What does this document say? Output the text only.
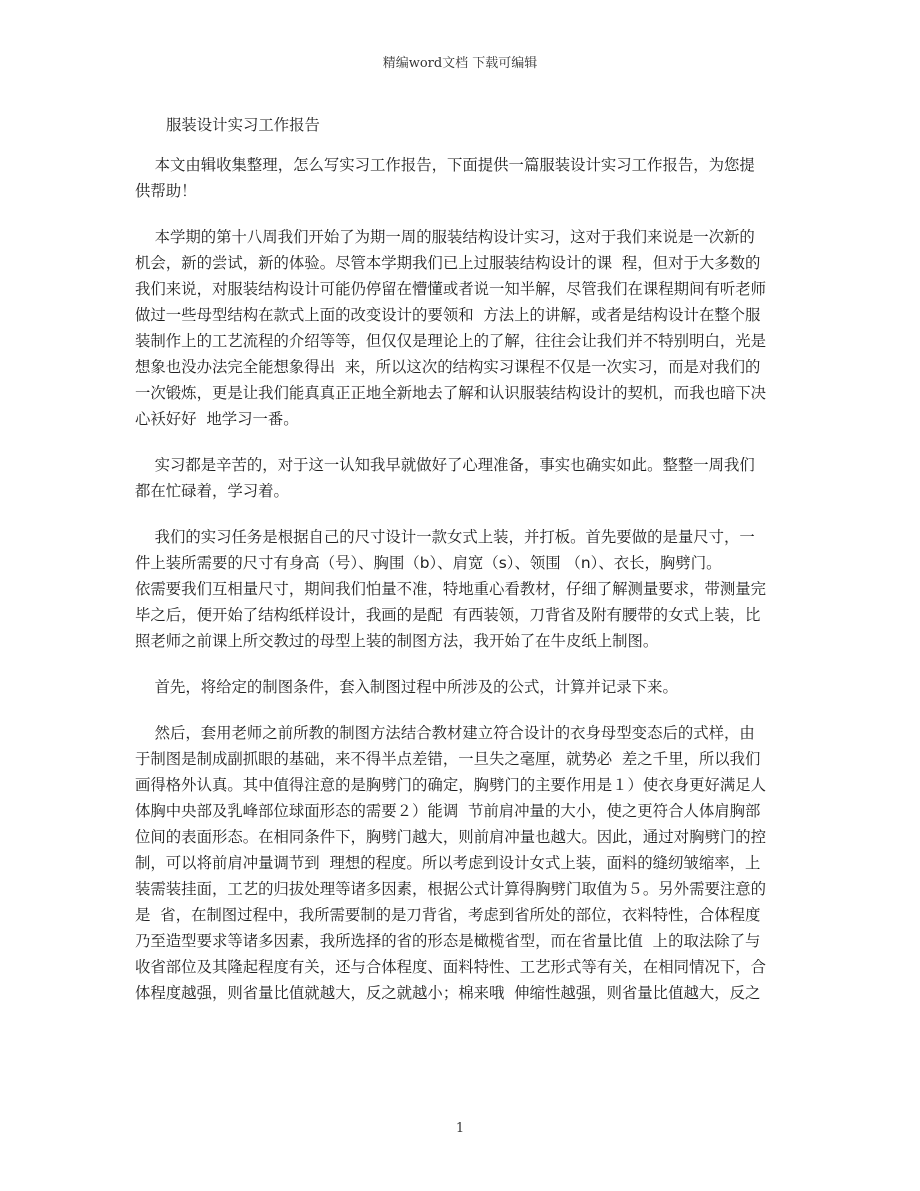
精编word文档 下载可编辑
服装设计实习工作报告
本文由辑收集整理，怎么写实习工作报告，下面提供一篇服装设计实习工作报告，为您提
供帮助！
本学期的第十八周我们开始了为期一周的服装结构设计实习，这对于我们来说是一次新的
机会，新的尝试，新的体验。尽管本学期我们已上过服装结构设计的课  程，但对于大多数的
我们来说，对服装结构设计可能仍停留在懵懂或者说一知半解，尽管我们在课程期间有听老师
做过一些母型结构在款式上面的改变设计的要领和  方法上的讲解，或者是结构设计在整个服
装制作上的工艺流程的介绍等等，但仅仅是理论上的了解，往往会让我们并不特别明白，光是
想象也没办法完全能想象得出  来，所以这次的结构实习课程不仅是一次实习，而是对我们的
一次锻炼，更是让我们能真真正正地全新地去了解和认识服装结构设计的契机，而我也暗下决
心袄好好  地学习一番。
实习都是辛苦的，对于这一认知我早就做好了心理准备，事实也确实如此。整整一周我们
都在忙碌着，学习着。
我们的实习任务是根据自己的尺寸设计一款女式上装，并打板。首先要做的是量尺寸，一
件上装所需要的尺寸有身高（号）、胸围（b）、肩宽（s）、领围 （n）、衣长，胸劈门。
依需要我们互相量尺寸，期间我们怕量不准，特地重心看教材，仔细了解测量要求，带测量完
毕之后，便开始了结构纸样设计，我画的是配  有西装领，刀背省及附有腰带的女式上装，比
照老师之前课上所交教过的母型上装的制图方法，我开始了在牛皮纸上制图。
首先，将给定的制图条件，套入制图过程中所涉及的公式，计算并记录下来。
然后，套用老师之前所教的制图方法结合教材建立符合设计的衣身母型变态后的式样，由
于制图是制成副抓眼的基础，来不得半点差错，一旦失之毫厘，就势必  差之千里，所以我们
画得格外认真。其中值得注意的是胸劈门的确定，胸劈门的主要作用是１）使衣身更好满足人
体胸中央部及乳峰部位球面形态的需要２）能调  节前肩冲量的大小，使之更符合人体肩胸部
位间的表面形态。在相同条件下，胸劈门越大，则前肩冲量也越大。因此，通过对胸劈门的控
制，可以将前肩冲量调节到  理想的程度。所以考虑到设计女式上装，面料的缝纫皱缩率，上
装需装挂面，工艺的归拔处理等诸多因素，根据公式计算得胸劈门取值为５。另外需要注意的
是  省，在制图过程中，我所需要制的是刀背省，考虑到省所处的部位，衣料特性，合体程度
乃至造型要求等诸多因素，我所选择的省的形态是橄榄省型，而在省量比值  上的取法除了与
收省部位及其隆起程度有关，还与合体程度、面料特性、工艺形式等有关，在相同情况下，合
体程度越强，则省量比值就越大，反之就越小；棉来哦  伸缩性越强，则省量比值越大，反之
1
